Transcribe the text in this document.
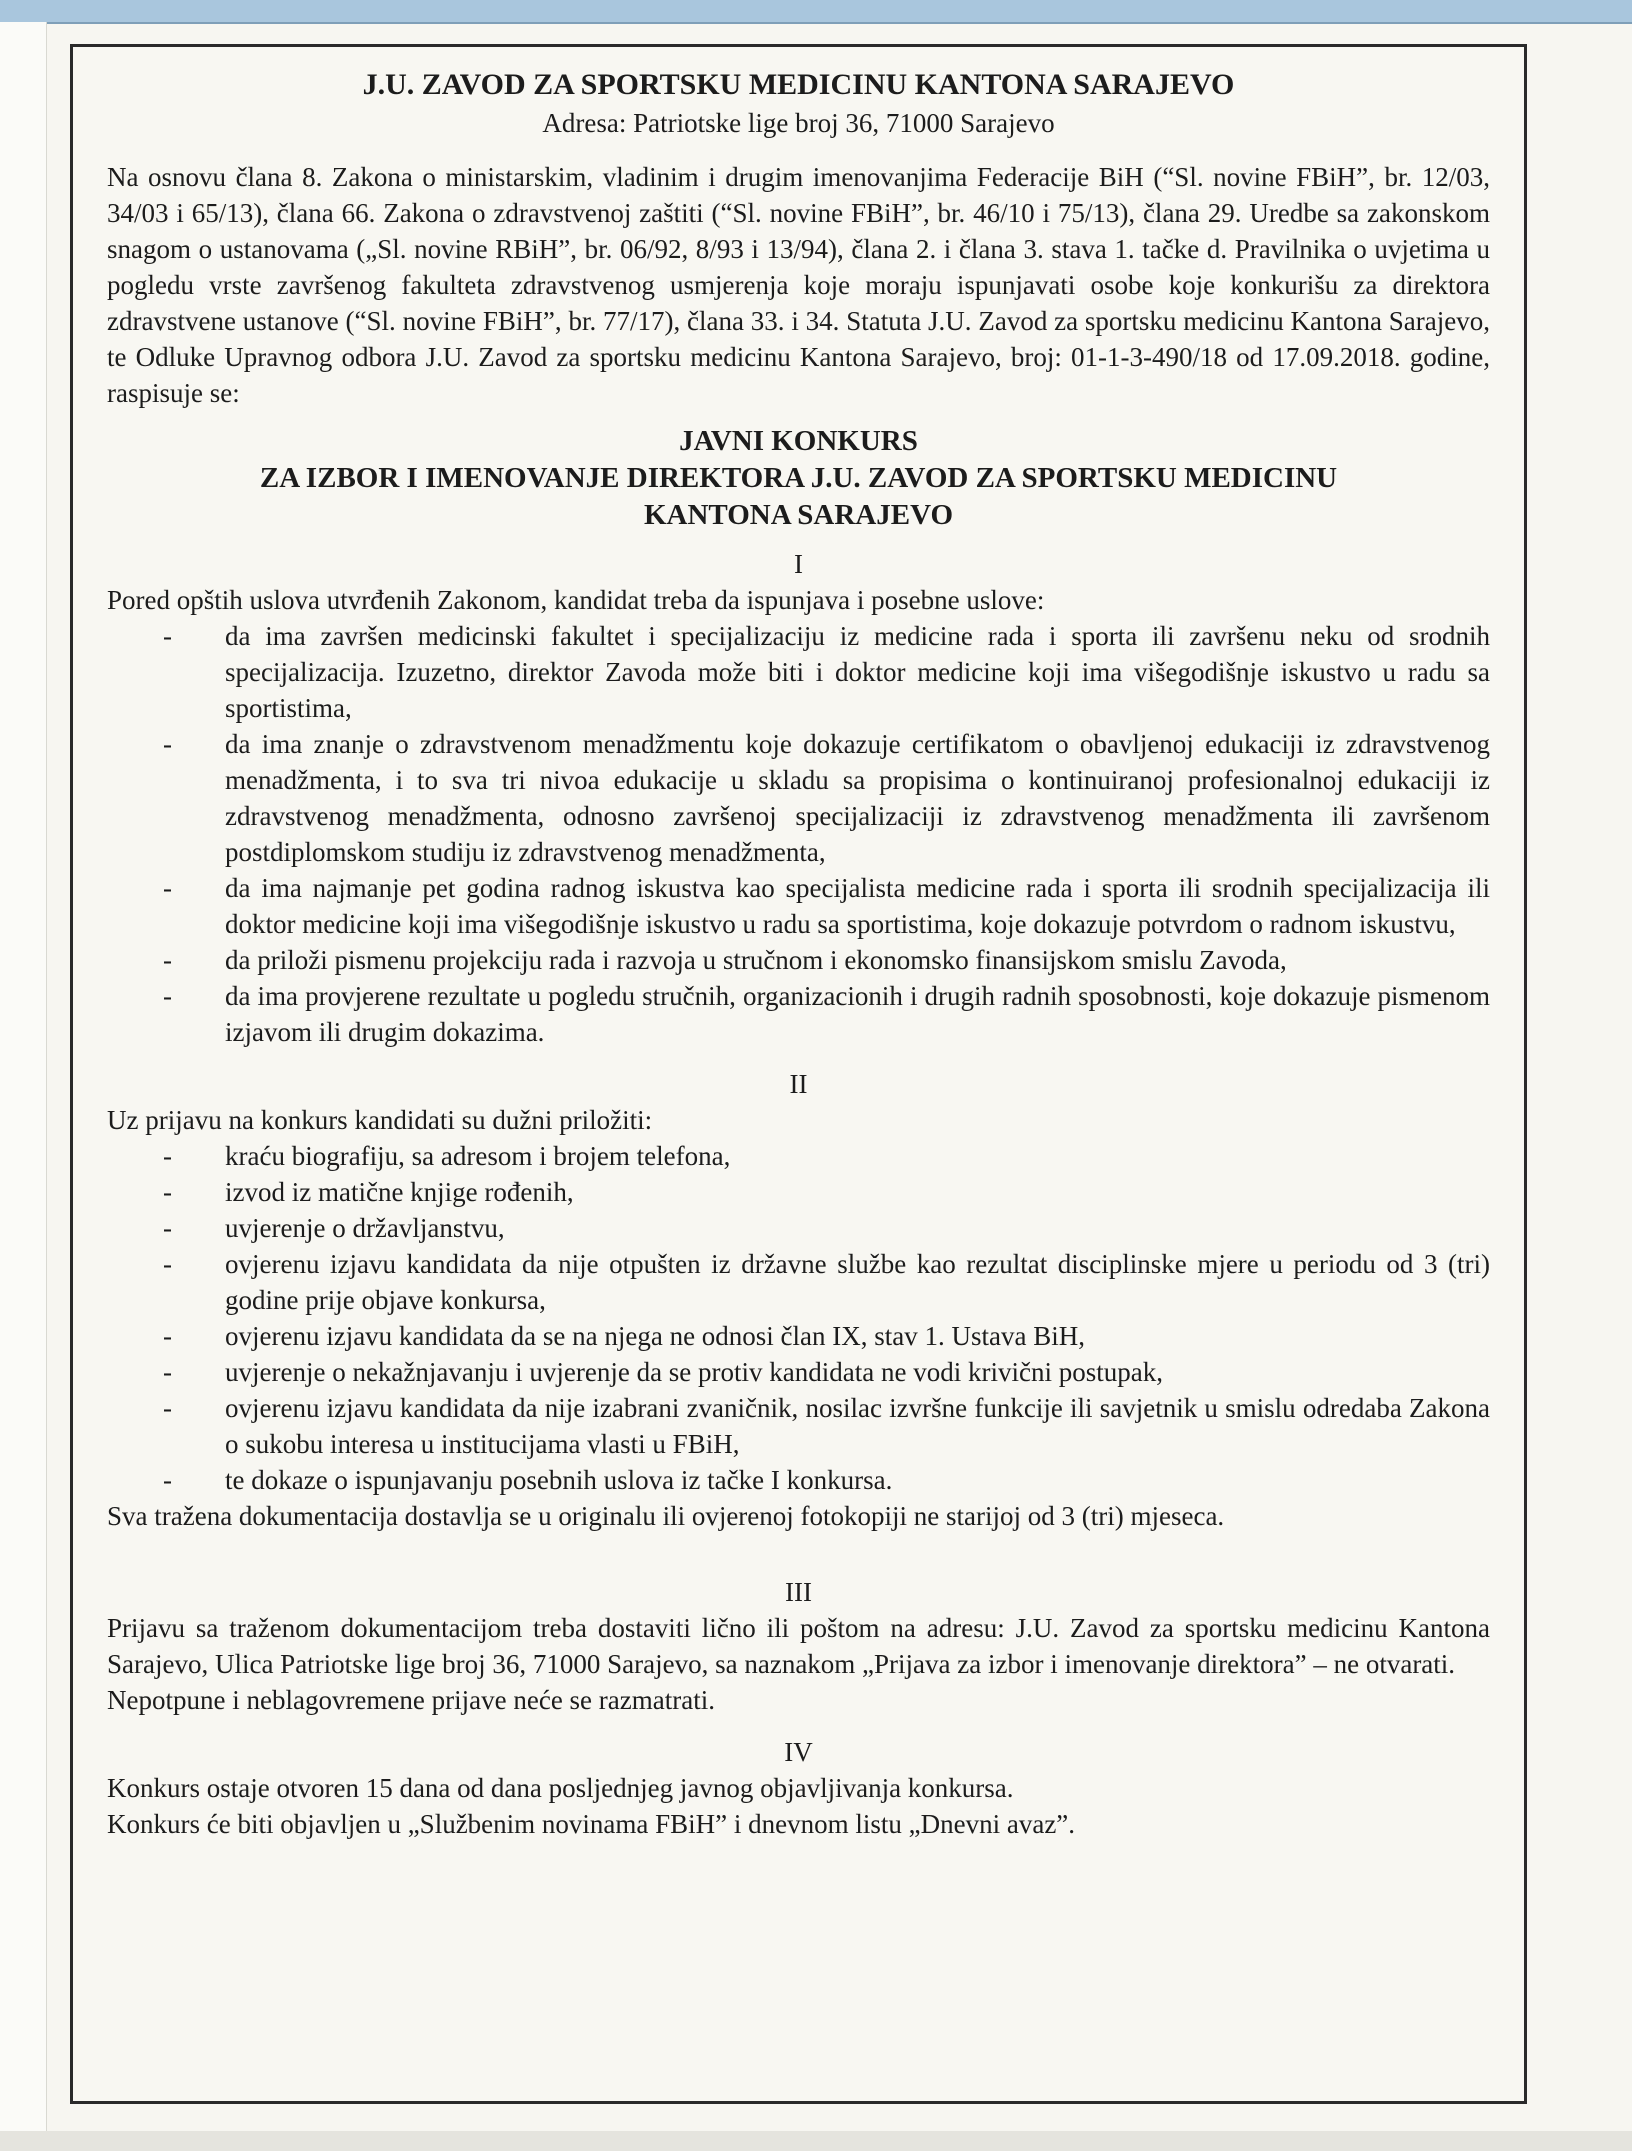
J.U. ZAVOD ZA SPORTSKU MEDICINU KANTONA SARAJEVO

Adresa: Patriotske lige broj 36, 71000 Sarajevo

Na osnovu člana 8. Zakona o ministarskim, vladinim i drugim imenovanjima Federacije BiH (“Sl. novine FBiH”, br. 12/03, 34/03 i 65/13), člana 66. Zakona o zdravstvenoj zaštiti (“Sl. novine FBiH”, br. 46/10 i 75/13), člana 29. Uredbe sa zakonskom snagom o ustanovama („Sl. novine RBiH”, br. 06/92, 8/93 i 13/94), člana 2. i člana 3. stava 1. tačke d. Pravilnika o uvjetima u pogledu vrste završenog fakulteta zdravstvenog usmjerenja koje moraju ispunjavati osobe koje konkurišu za direktora zdravstvene ustanove (“Sl. novine FBiH”, br. 77/17), člana 33. i 34. Statuta J.U. Zavod za sportsku medicinu Kantona Sarajevo, te Odluke Upravnog odbora J.U. Zavod za sportsku medicinu Kantona Sarajevo, broj: 01-1-3-490/18 od 17.09.2018. godine, raspisuje se:

JAVNI KONKURS
ZA IZBOR I IMENOVANJE DIREKTORA J.U. ZAVOD ZA SPORTSKU MEDICINU
KANTONA SARAJEVO
I

Pored opštih uslova utvrđenih Zakonom, kandidat treba da ispunjava i posebne uslove:

- da ima završen medicinski fakultet i specijalizaciju iz medicine rada i sporta ili završenu neku od srodnih specijalizacija. Izuzetno, direktor Zavoda može biti i doktor medicine koji ima višegodišnje iskustvo u radu sa sportistima,
- da ima znanje o zdravstvenom menadžmentu koje dokazuje certifikatom o obavljenoj edukaciji iz zdravstvenog menadžmenta, i to sva tri nivoa edukacije u skladu sa propisima o kontinuiranoj profesionalnoj edukaciji iz zdravstvenog menadžmenta, odnosno završenoj specijalizaciji iz zdravstvenog menadžmenta ili završenom postdiplomskom studiju iz zdravstvenog menadžmenta,
- da ima najmanje pet godina radnog iskustva kao specijalista medicine rada i sporta ili srodnih specijalizacija ili doktor medicine koji ima višegodišnje iskustvo u radu sa sportistima, koje dokazuje potvrdom o radnom iskustvu,
- da priloži pismenu projekciju rada i razvoja u stručnom i ekonomsko finansijskom smislu Zavoda,
- da ima provjerene rezultate u pogledu stručnih, organizacionih i drugih radnih sposobnosti, koje dokazuje pismenom izjavom ili drugim dokazima.
II

Uz prijavu na konkurs kandidati su dužni priložiti:

- kraću biografiju, sa adresom i brojem telefona,
- izvod iz matične knjige rođenih,
- uvjerenje o državljanstvu,
- ovjerenu izjavu kandidata da nije otpušten iz državne službe kao rezultat disciplinske mjere u periodu od 3 (tri) godine prije objave konkursa,
- ovjerenu izjavu kandidata da se na njega ne odnosi član IX, stav 1. Ustava BiH,
- uvjerenje o nekažnjavanju i uvjerenje da se protiv kandidata ne vodi krivični postupak,
- ovjerenu izjavu kandidata da nije izabrani zvaničnik, nosilac izvršne funkcije ili savjetnik u smislu odredaba Zakona o sukobu interesa u institucijama vlasti u FBiH,
- te dokaze o ispunjavanju posebnih uslova iz tačke I konkursa.

Sva tražena dokumentacija dostavlja se u originalu ili ovjerenoj fotokopiji ne starijoj od 3 (tri) mjeseca.

III

Prijavu sa traženom dokumentacijom treba dostaviti lično ili poštom na adresu: J.U. Zavod za sportsku medicinu Kantona Sarajevo, Ulica Patriotske lige broj 36, 71000 Sarajevo, sa naznakom „Prijava za izbor i imenovanje direktora” – ne otvarati.

Nepotpune i neblagovremene prijave neće se razmatrati.

IV

Konkurs ostaje otvoren 15 dana od dana posljednjeg javnog objavljivanja konkursa.

Konkurs će biti objavljen u „Službenim novinama FBiH” i dnevnom listu „Dnevni avaz”.
